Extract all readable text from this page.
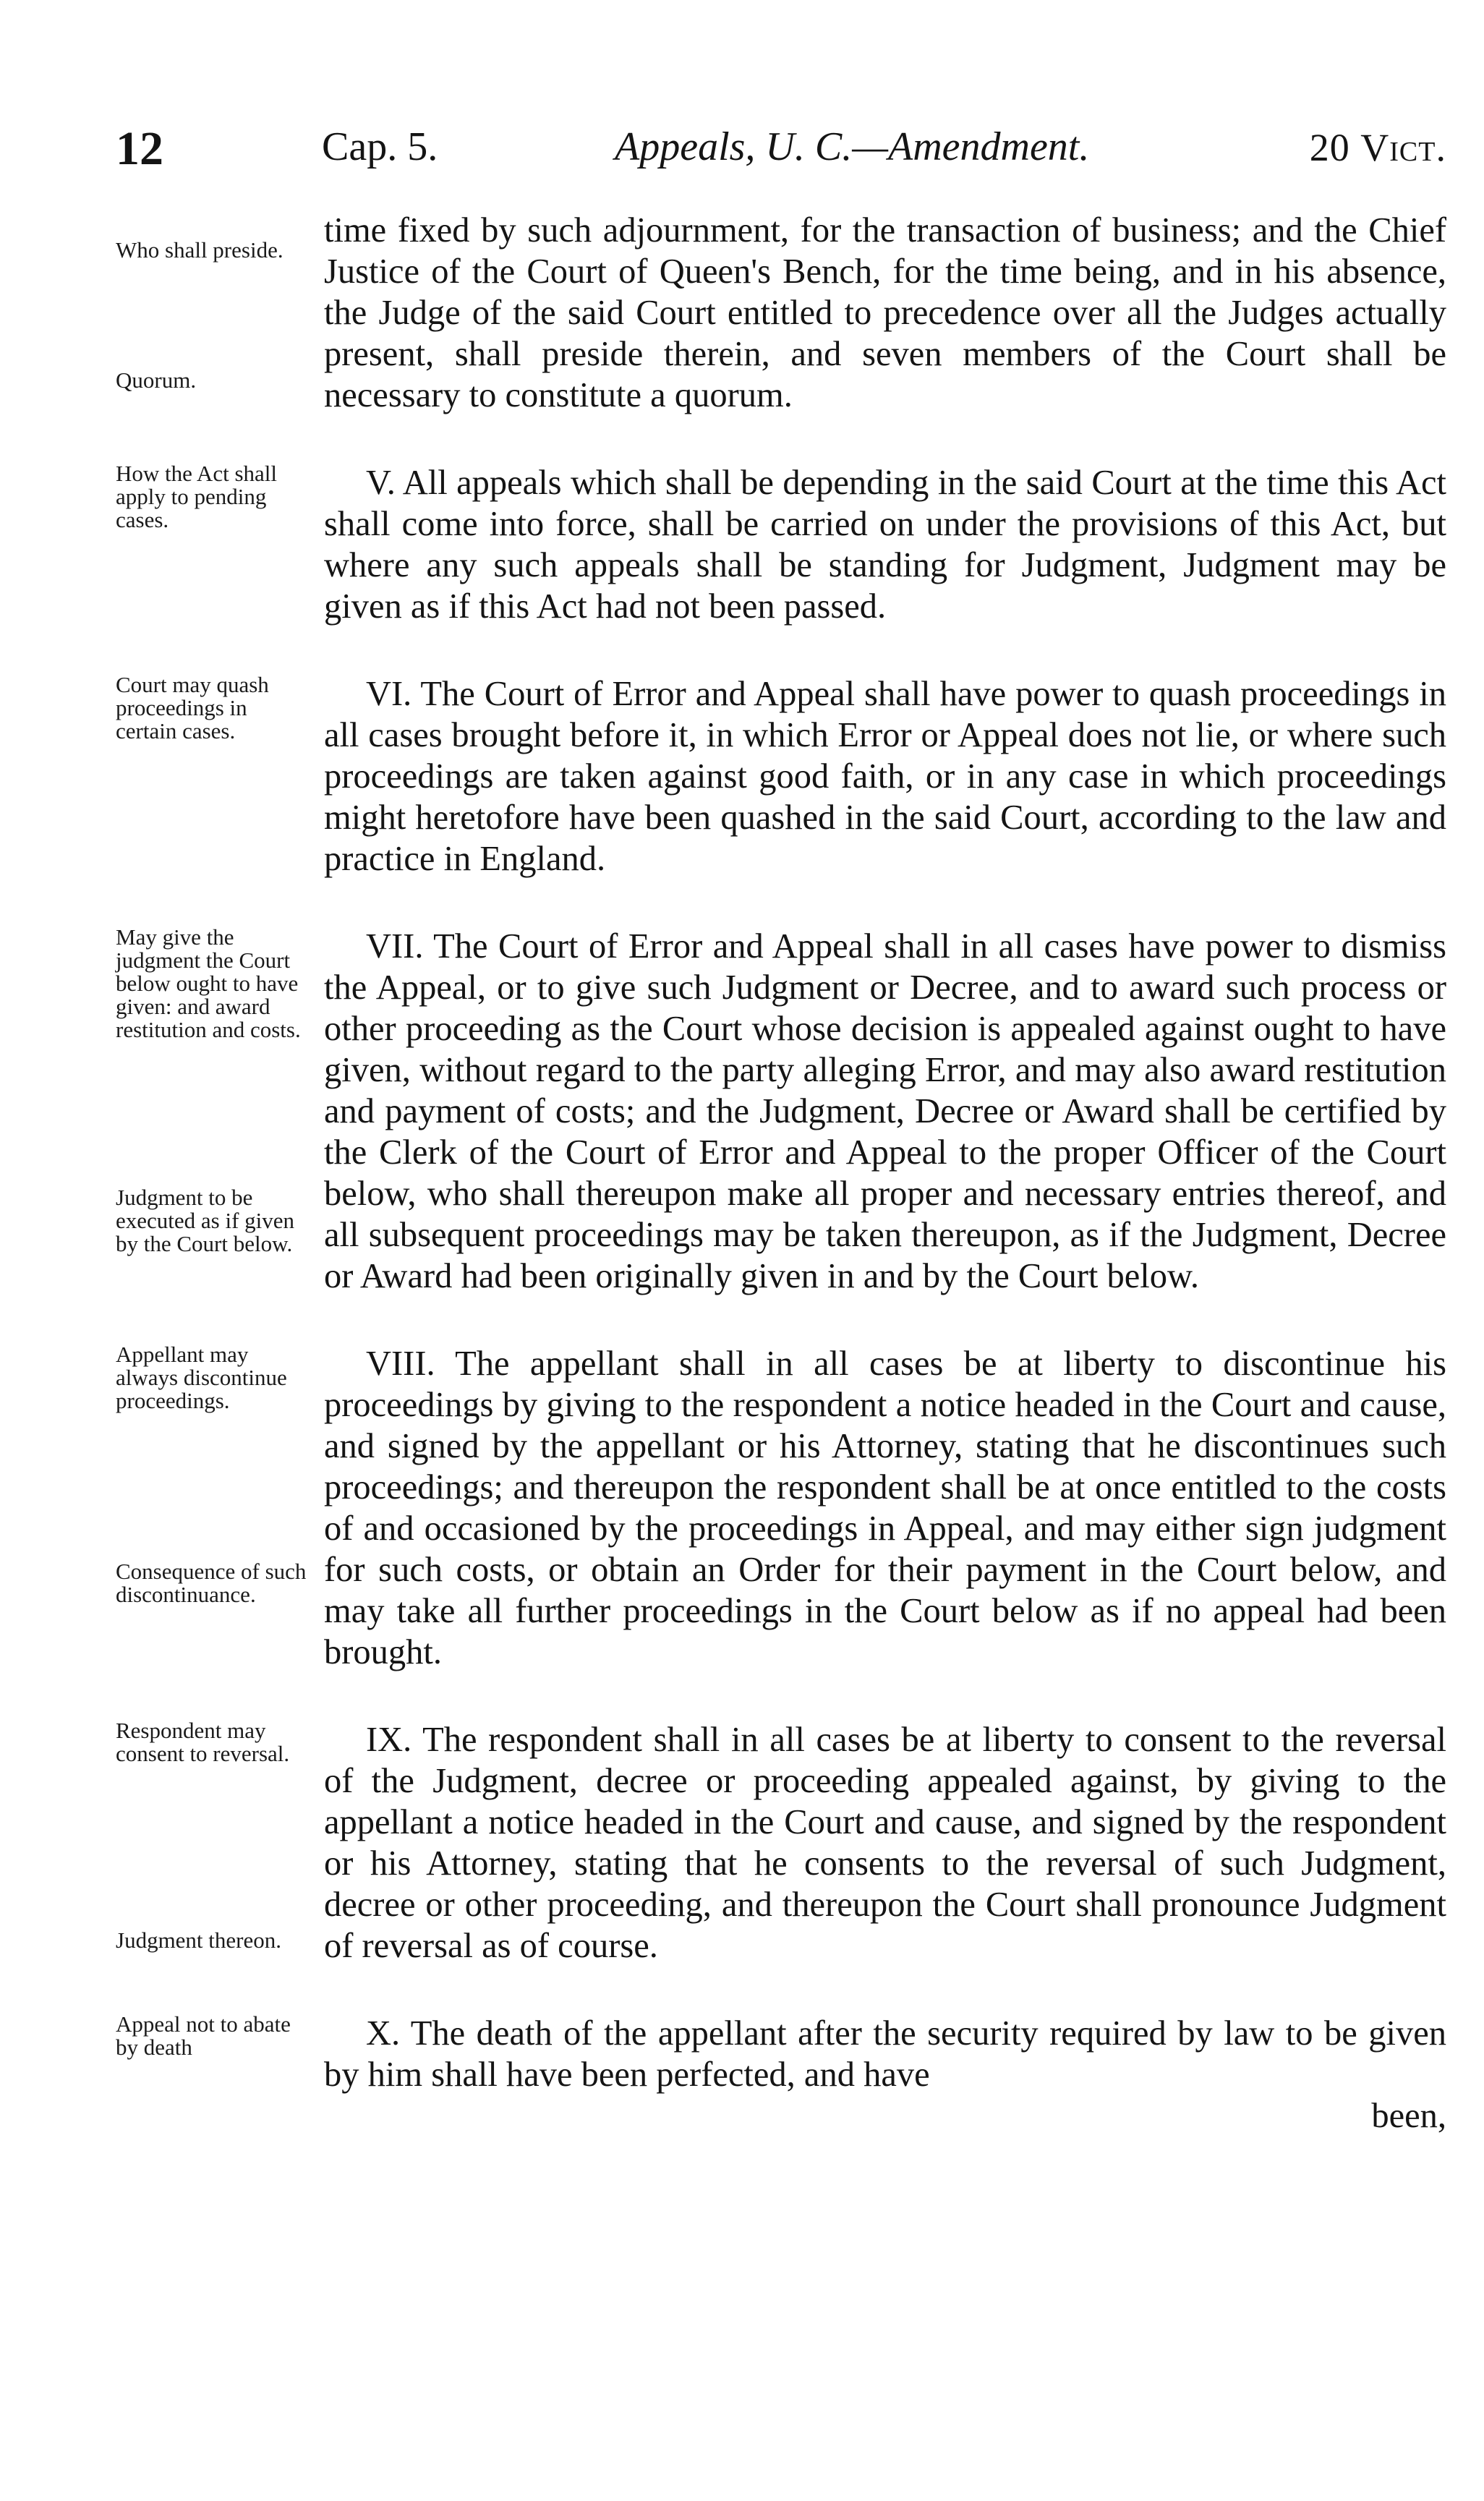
12	Cap. 5.	Appeals, U. C.—Amendment.	20 Vict.
Who shall preside.
Quorum.

time fixed by such adjournment, for the transaction of business; and the Chief Justice of the Court of Queen's Bench, for the time being, and in his absence, the Judge of the said Court entitled to precedence over all the Judges actually present, shall preside therein, and seven members of the Court shall be necessary to constitute a quorum.

How the Act shall apply to pending cases.

V. All appeals which shall be depending in the said Court at the time this Act shall come into force, shall be carried on under the provisions of this Act, but where any such appeals shall be standing for Judgment, Judgment may be given as if this Act had not been passed.

Court may quash proceedings in certain cases.

VI. The Court of Error and Appeal shall have power to quash proceedings in all cases brought before it, in which Error or Appeal does not lie, or where such proceedings are taken against good faith, or in any case in which proceedings might heretofore have been quashed in the said Court, according to the law and practice in England.

May give the judgment the Court below ought to have given: and award restitution and costs.
Judgment to be executed as if given by the Court below.

VII. The Court of Error and Appeal shall in all cases have power to dismiss the Appeal, or to give such Judgment or Decree, and to award such process or other proceeding as the Court whose decision is appealed against ought to have given, without regard to the party alleging Error, and may also award restitution and payment of costs; and the Judgment, Decree or Award shall be certified by the Clerk of the Court of Error and Appeal to the proper Officer of the Court below, who shall thereupon make all proper and necessary entries thereof, and all subsequent proceedings may be taken thereupon, as if the Judgment, Decree or Award had been originally given in and by the Court below.

Appellant may always discontinue proceedings.
Consequence of such discontinuance.

VIII. The appellant shall in all cases be at liberty to discontinue his proceedings by giving to the respondent a notice headed in the Court and cause, and signed by the appellant or his Attorney, stating that he discontinues such proceedings; and thereupon the respondent shall be at once entitled to the costs of and occasioned by the proceedings in Appeal, and may either sign judgment for such costs, or obtain an Order for their payment in the Court below, and may take all further proceedings in the Court below as if no appeal had been brought.

Respondent may consent to reversal.
Judgment thereon.

IX. The respondent shall in all cases be at liberty to consent to the reversal of the Judgment, decree or proceeding appealed against, by giving to the appellant a notice headed in the Court and cause, and signed by the respondent or his Attorney, stating that he consents to the reversal of such Judgment, decree or other proceeding, and thereupon the Court shall pronounce Judgment of reversal as of course.

Appeal not to abate by death	X. The death of the appellant after the security required by law to be given by him shall have been perfected, and have

been,
